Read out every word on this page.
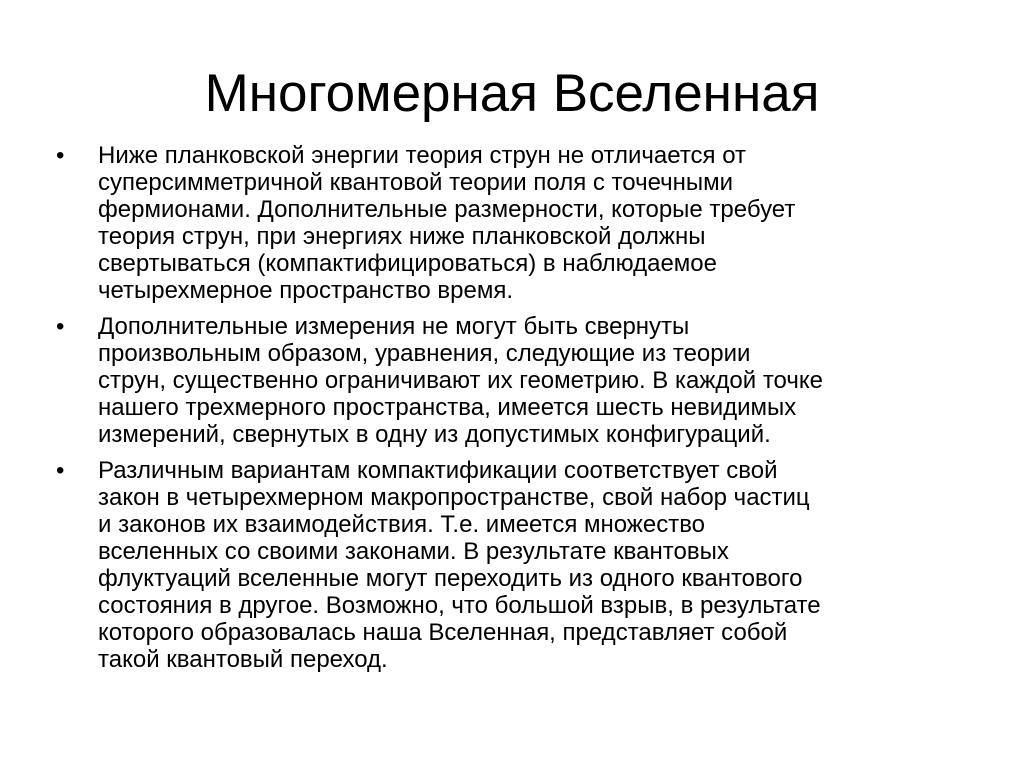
Многомерная Вселенная
•	Ниже планковской энергии теория струн не отличается от
суперсимметричной квантовой теории поля с точечными
фермионами. Дополнительные размерности, которые требует
теория струн, при энергиях ниже планковской должны
свертываться (компактифицироваться) в наблюдаемое
четырехмерное пространство время.
•	Дополнительные измерения не могут быть свернуты
произвольным образом, уравнения, следующие из теории
струн, существенно ограничивают их геометрию. В каждой точке
нашего трехмерного пространства, имеется шесть невидимых
измерений, свернутых в одну из допустимых конфигураций.
•	Различным вариантам компактификации соответствует свой
закон в четырехмерном макропространстве, свой набор частиц
и законов их взаимодействия. Т.е. имеется множество
вселенных со своими законами. В результате квантовых
флуктуаций вселенные могут переходить из одного квантового
состояния в другое. Возможно, что большой взрыв, в результате
которого образовалась наша Вселенная, представляет собой
такой квантовый переход.
